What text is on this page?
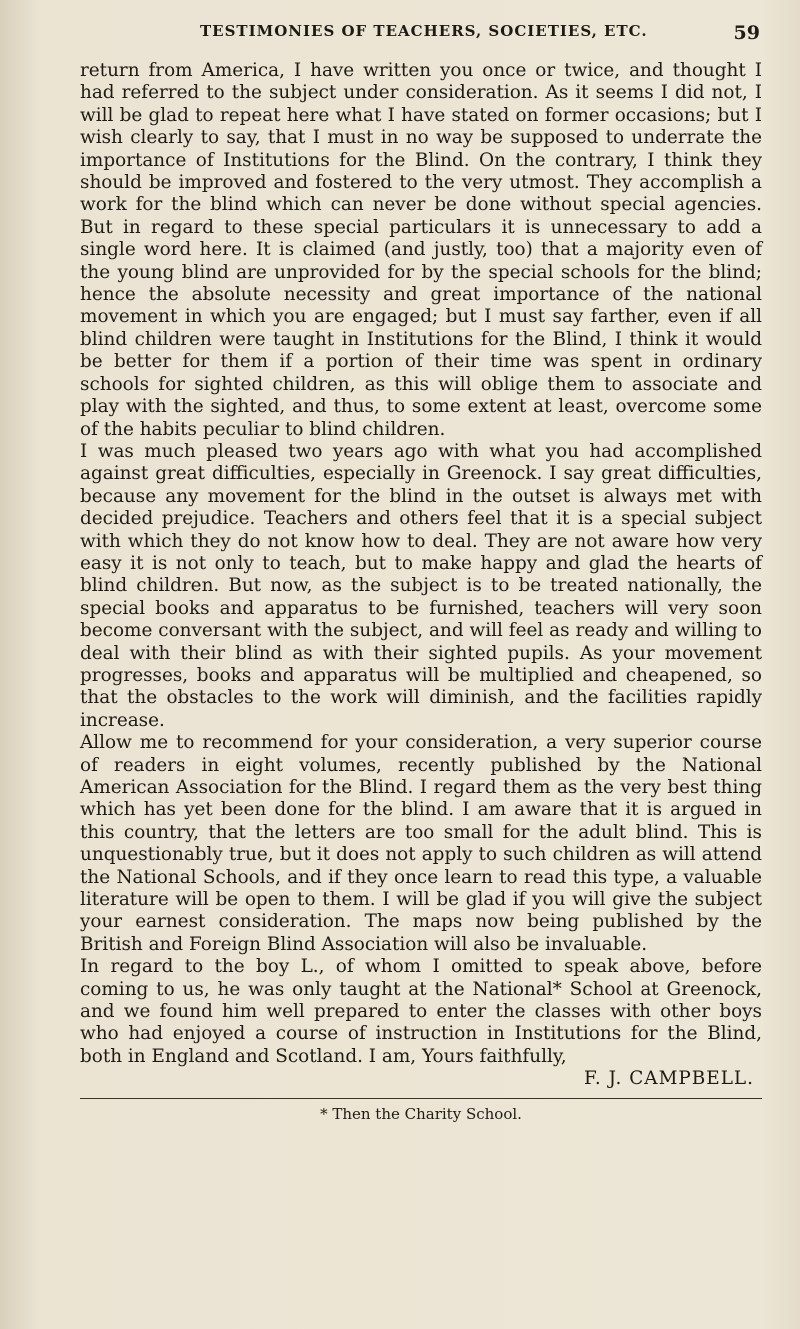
TESTIMONIES OF TEACHERS, SOCIETIES, ETC.	59

return from America, I have written you once or twice, and thought I had referred to the subject under consideration. As it seems I did not, I will be glad to repeat here what I have stated on former occasions; but I wish clearly to say, that I must in no way be supposed to underrate the importance of Institutions for the Blind. On the contrary, I think they should be improved and fostered to the very utmost. They accomplish a work for the blind which can never be done without special agencies. But in regard to these special particulars it is unnecessary to add a single word here. It is claimed (and justly, too) that a majority even of the young blind are unprovided for by the special schools for the blind; hence the absolute necessity and great importance of the national movement in which you are engaged; but I must say farther, even if all blind children were taught in Institutions for the Blind, I think it would be better for them if a portion of their time was spent in ordinary schools for sighted children, as this will oblige them to associate and play with the sighted, and thus, to some extent at least, overcome some of the habits peculiar to blind children.

I was much pleased two years ago with what you had accomplished against great difficulties, especially in Greenock. I say great difficulties, because any movement for the blind in the outset is always met with decided prejudice. Teachers and others feel that it is a special subject with which they do not know how to deal. They are not aware how very easy it is not only to teach, but to make happy and glad the hearts of blind children. But now, as the subject is to be treated nationally, the special books and apparatus to be furnished, teachers will very soon become conversant with the subject, and will feel as ready and willing to deal with their blind as with their sighted pupils. As your movement progresses, books and apparatus will be multiplied and cheapened, so that the obstacles to the work will diminish, and the facilities rapidly increase.

Allow me to recommend for your consideration, a very superior course of readers in eight volumes, recently published by the National American Association for the Blind. I regard them as the very best thing which has yet been done for the blind. I am aware that it is argued in this country, that the letters are too small for the adult blind. This is unquestionably true, but it does not apply to such children as will attend the National Schools, and if they once learn to read this type, a valuable literature will be open to them. I will be glad if you will give the subject your earnest consideration. The maps now being published by the British and Foreign Blind Association will also be invaluable.

In regard to the boy L., of whom I omitted to speak above, before coming to us, he was only taught at the National* School at Greenock, and we found him well prepared to enter the classes with other boys who had enjoyed a course of instruction in Institutions for the Blind, both in England and Scotland. I am, Yours faithfully,

F. J. CAMPBELL.

* Then the Charity School.
